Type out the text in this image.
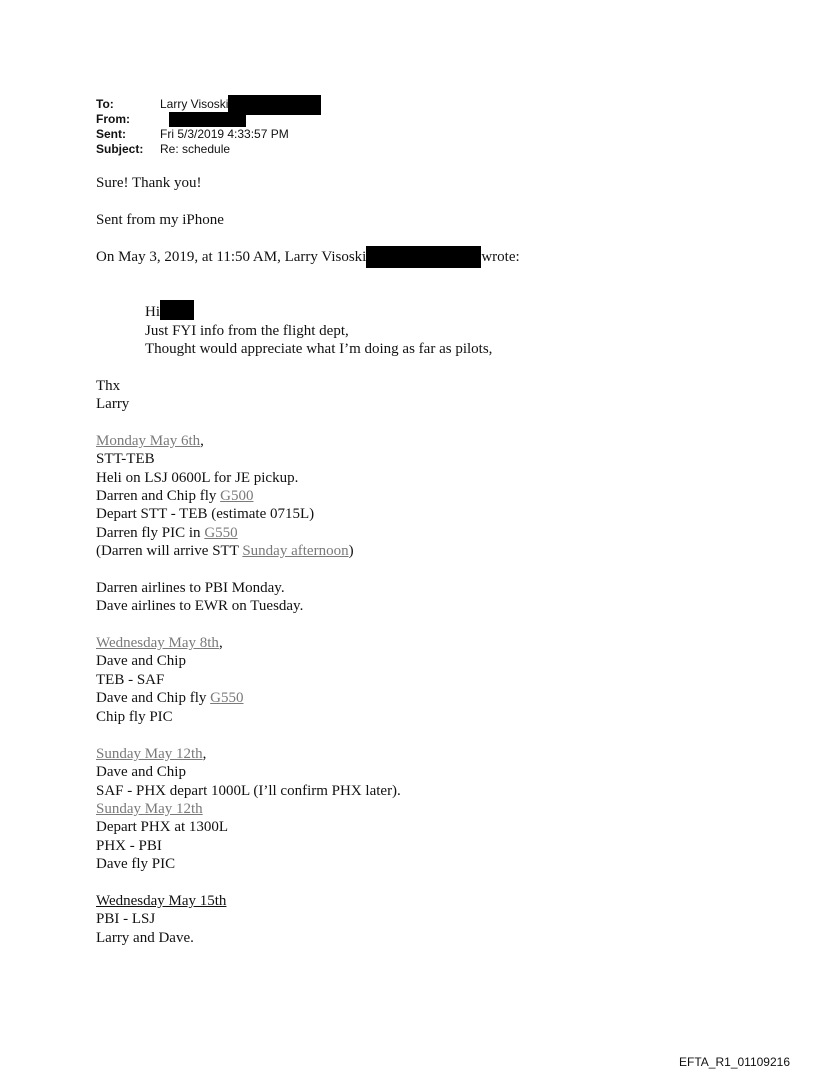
To:	Larry Visoski
From:
Sent:	Fri 5/3/2019 4:33:57 PM
Subject: Re: schedule
Sure! Thank you!
Sent from my iPhone
On May 3, 2019, at 11:50 AM, Larry Visoski	wrote:
Hi
Just FYI info from the flight dept,
Thought would appreciate what I’m doing as far as pilots,
Thx
Larry
Monday May 6th,
STT-TEB
Heli on LSJ 0600L for JE pickup.
Darren and Chip fly G500
Depart STT - TEB (estimate 0715L)
Darren fly PIC in G550
(Darren will arrive STT Sunday afternoon)
Darren airlines to PBI Monday.
Dave airlines to EWR on Tuesday.
Wednesday May 8th,
Dave and Chip
TEB - SAF
Dave and Chip fly G550
Chip fly PIC
Sunday May 12th,
Dave and Chip
SAF - PHX depart 1000L (I’ll confirm PHX later).
Sunday May 12th
Depart PHX at 1300L
PHX - PBI
Dave fly PIC
Wednesday May 15th
PBI - LSJ
Larry and Dave.
EFTA_R1_01109216
